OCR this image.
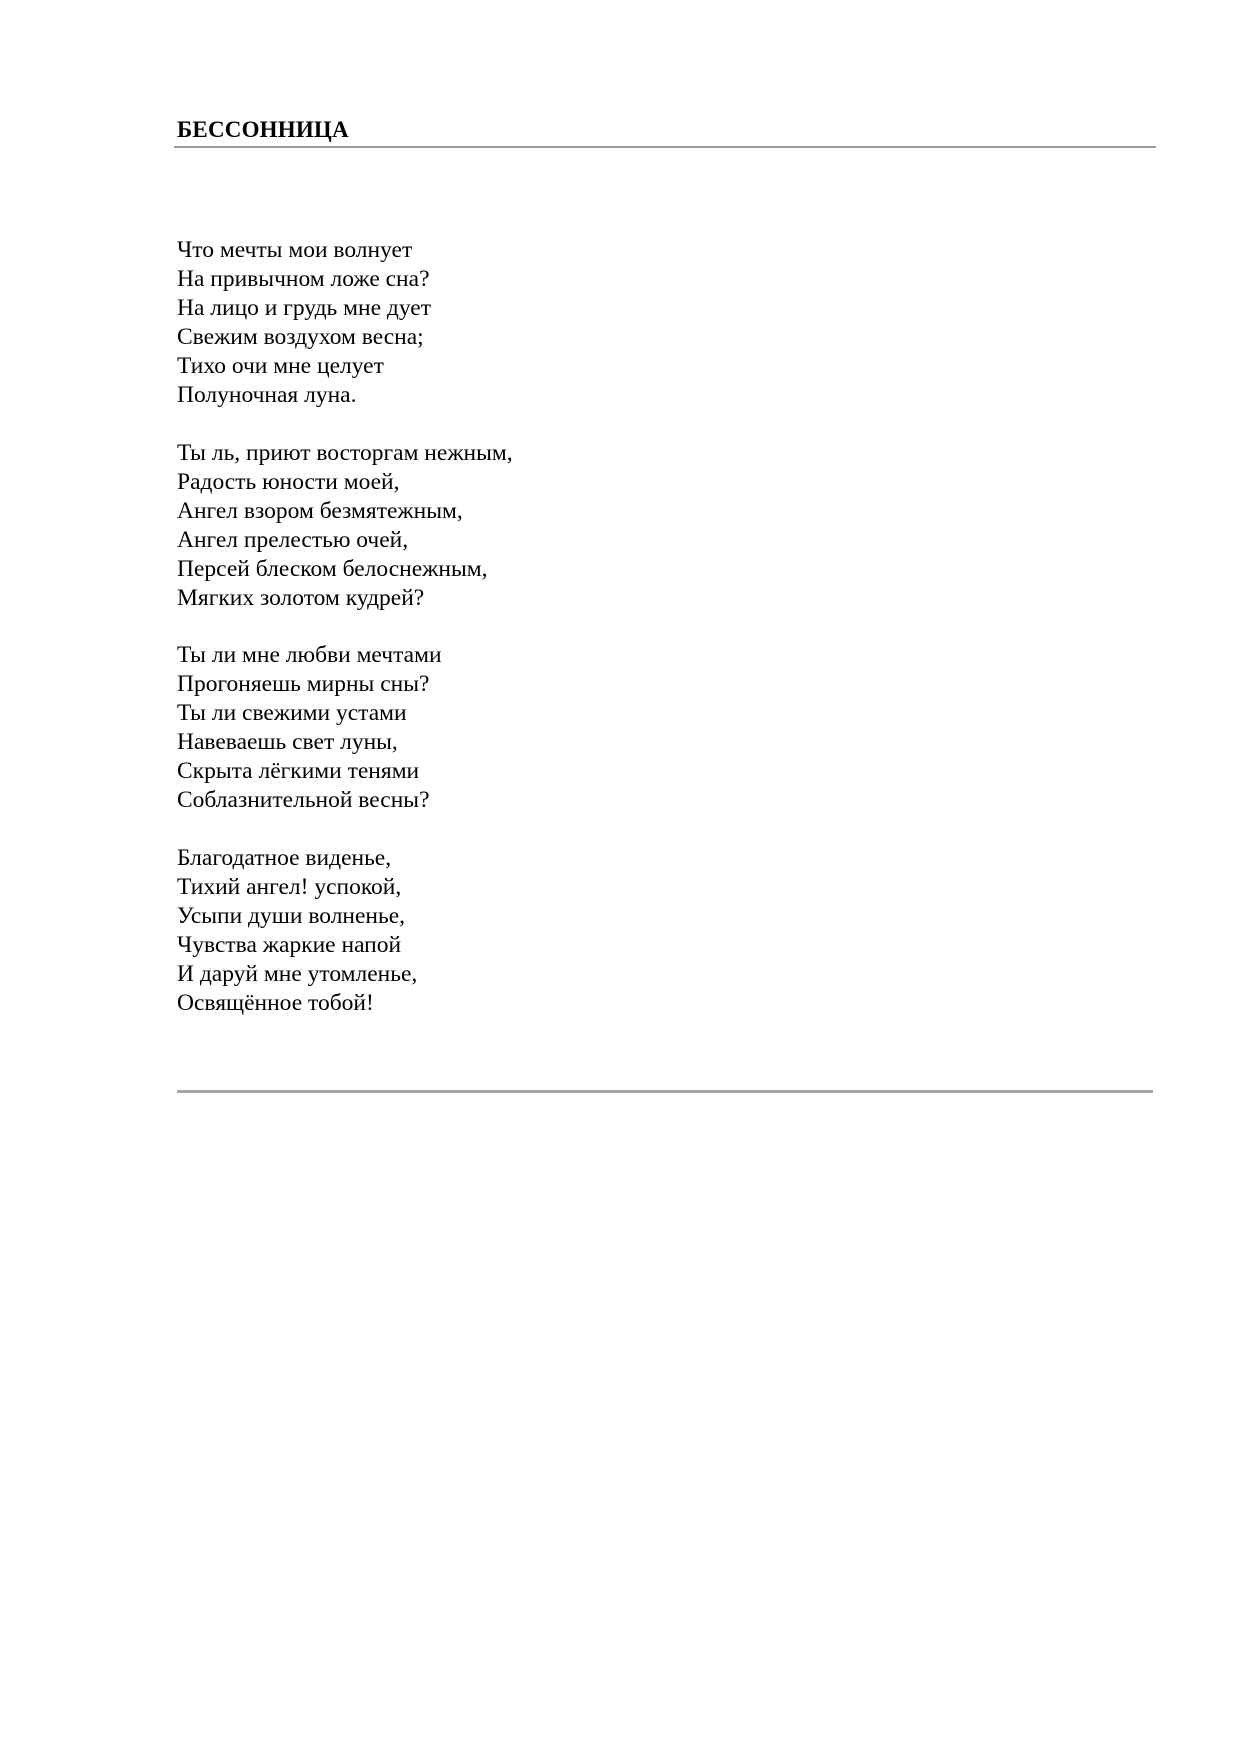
БЕССОННИЦА
Что мечты мои волнует
На привычном ложе сна?
На лицо и грудь мне дует
Свежим воздухом весна;
Тихо очи мне целует
Полуночная луна.
Ты ль, приют восторгам нежным,
Радость юности моей,
Ангел взором безмятежным,
Ангел прелестью очей,
Персей блеском белоснежным,
Мягких золотом кудрей?
Ты ли мне любви мечтами
Прогоняешь мирны сны?
Ты ли свежими устами
Навеваешь свет луны,
Скрыта лёгкими тенями
Соблазнительной весны?
Благодатное виденье,
Тихий ангел! успокой,
Усыпи души волненье,
Чувства жаркие напой
И даруй мне утомленье,
Освящённое тобой!
